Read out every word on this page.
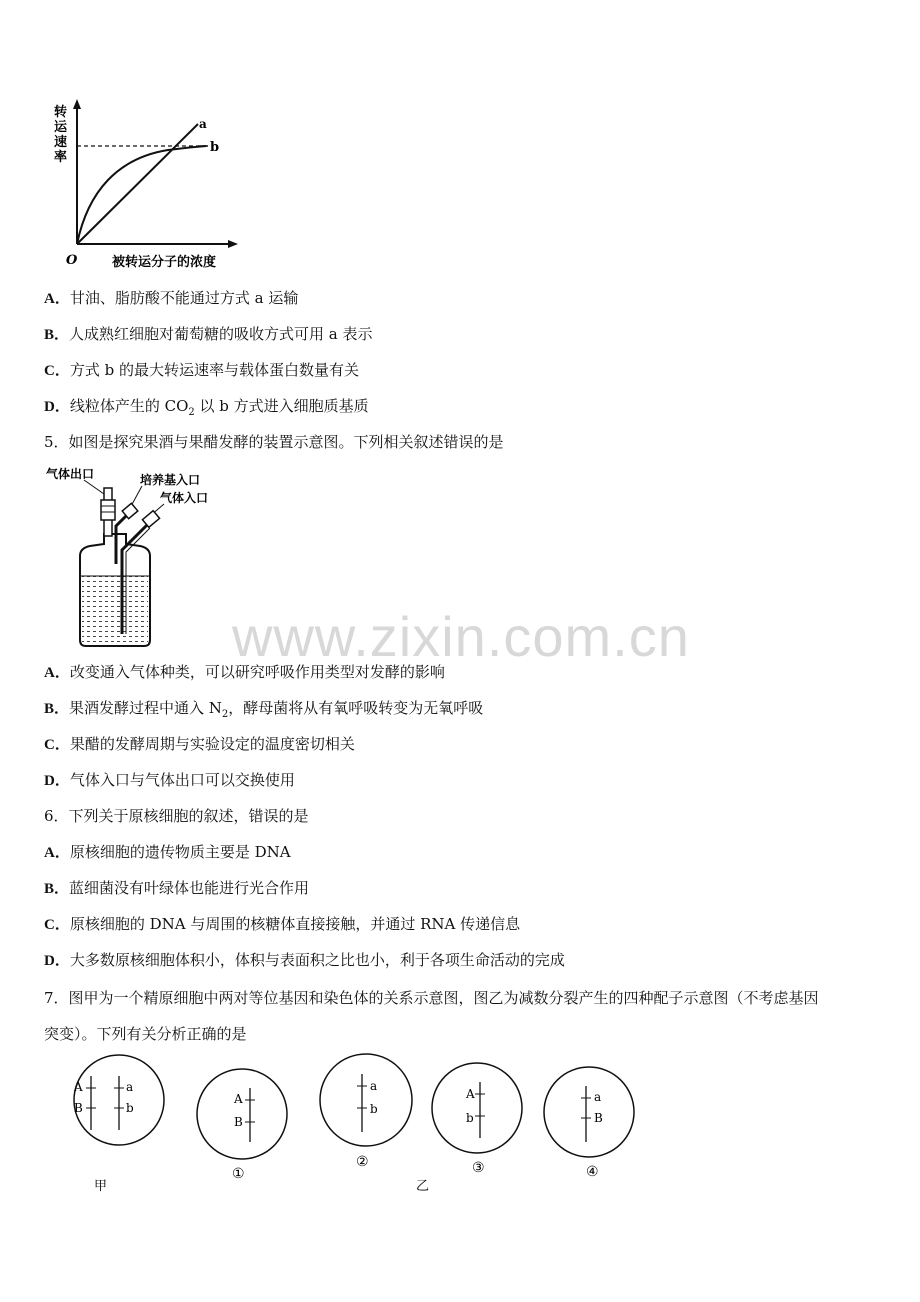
转
运
速
率
a
b
O	被转运分子的浓度
A．甘油、脂肪酸不能通过方式 a 运输
B．人成熟红细胞对葡萄糖的吸收方式可用 a 表示
C．方式 b 的最大转运速率与载体蛋白数量有关
D．线粒体产生的 $CO_2$ 以 b 方式进入细胞质基质
5．如图是探究果酒与果醋发酵的装置示意图。下列相关叙述错误的是
气体出口	培养基入口
气体入口
www.zixin.com.cn
A．改变通入气体种类，可以研究呼吸作用类型对发酵的影响
B．果酒发酵过程中通入 $N_2$，酵母菌将从有氧呼吸转变为无氧呼吸
C．果醋的发酵周期与实验设定的温度密切相关
D．气体入口与气体出口可以交换使用
6．下列关于原核细胞的叙述，错误的是
A．原核细胞的遗传物质主要是 DNA
B．蓝细菌没有叶绿体也能进行光合作用
C．原核细胞的 DNA 与周围的核糖体直接接触，并通过 RNA 传递信息
D．大多数原核细胞体积小，体积与表面积之比也小，利于各项生命活动的完成
7．图甲为一个精原细胞中两对等位基因和染色体的关系示意图，图乙为减数分裂产生的四种配子示意图（不考虑基因
突变）。下列有关分析正确的是
A
B
a
b
甲
A
B
①
a
b
②
乙
A
b
③
a
B
④
